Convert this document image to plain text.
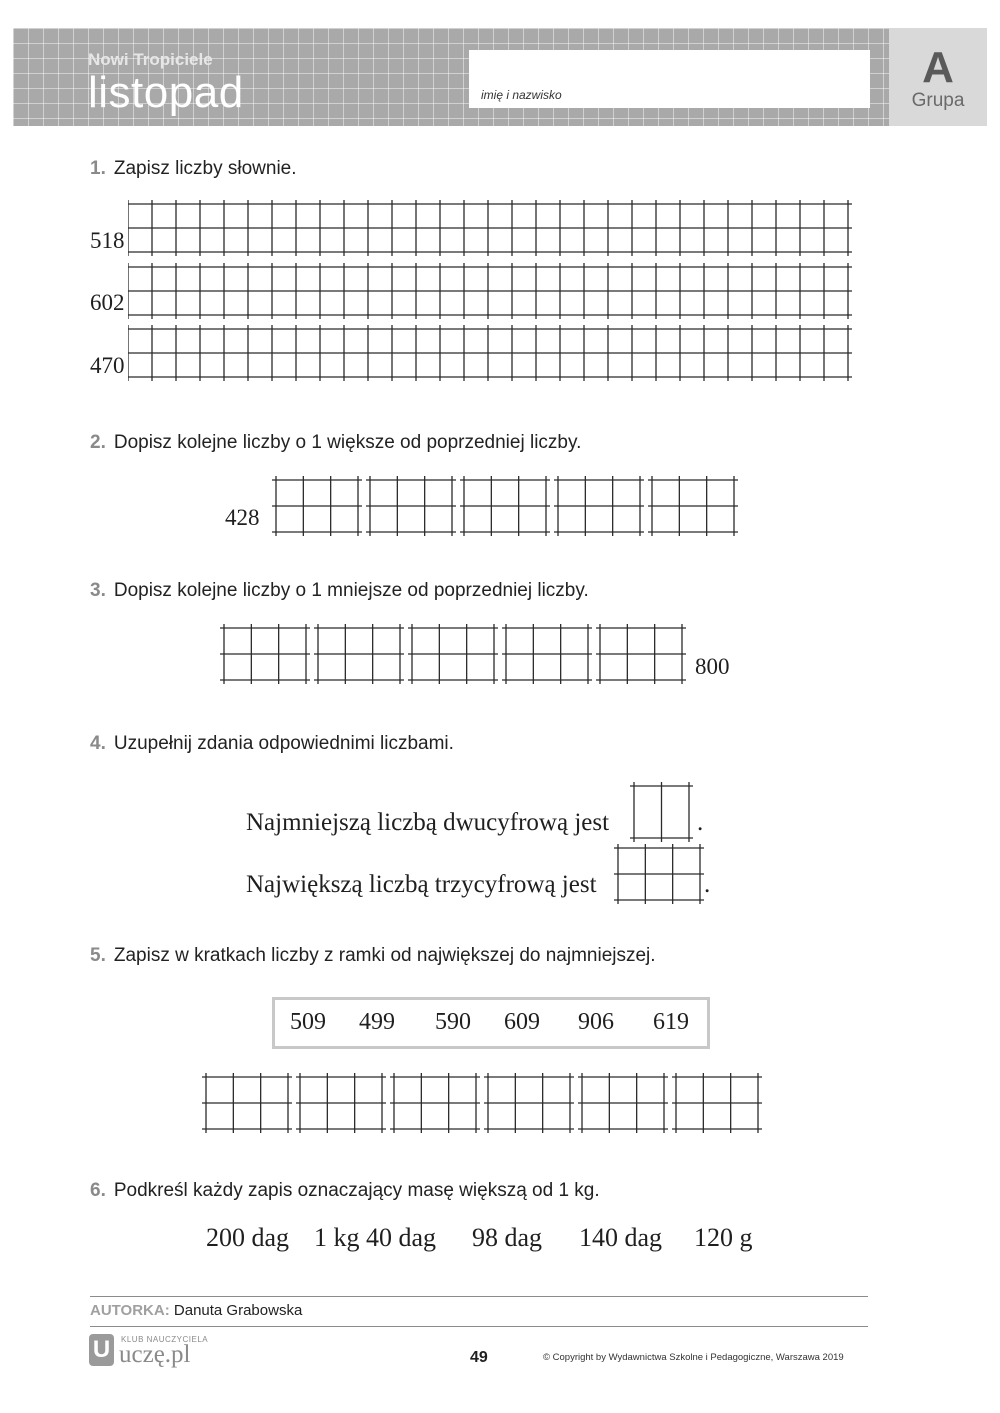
Nowi Tropiciele

listopad	imię i nazwisko
A
Grupa

1. Zapisz liczby słownie.

518
602
470

2. Dopisz kolejne liczby o 1 większe od poprzedniej liczby.

428

3. Dopisz kolejne liczby o 1 mniejsze od poprzedniej liczby.

800

4. Uzupełnij zdania odpowiednimi liczbami.

Najmniejszą liczbą dwucyfrową jest	.
Największą liczbą trzycyfrową jest	.

5. Zapisz w kratkach liczby z ramki od największej do najmniejszej.

509 499 590 609 906 619

6. Podkreśl każdy zapis oznaczający masę większą od 1 kg.

200 dag 1 kg 40 dag 98 dag 140 dag 120 g

AUTORKA: Danuta Grabowska

U	KLUB NAUCZYCIELA
uczę.pl	49	© Copyright by Wydawnictwa Szkolne i Pedagogiczne, Warszawa 2019
